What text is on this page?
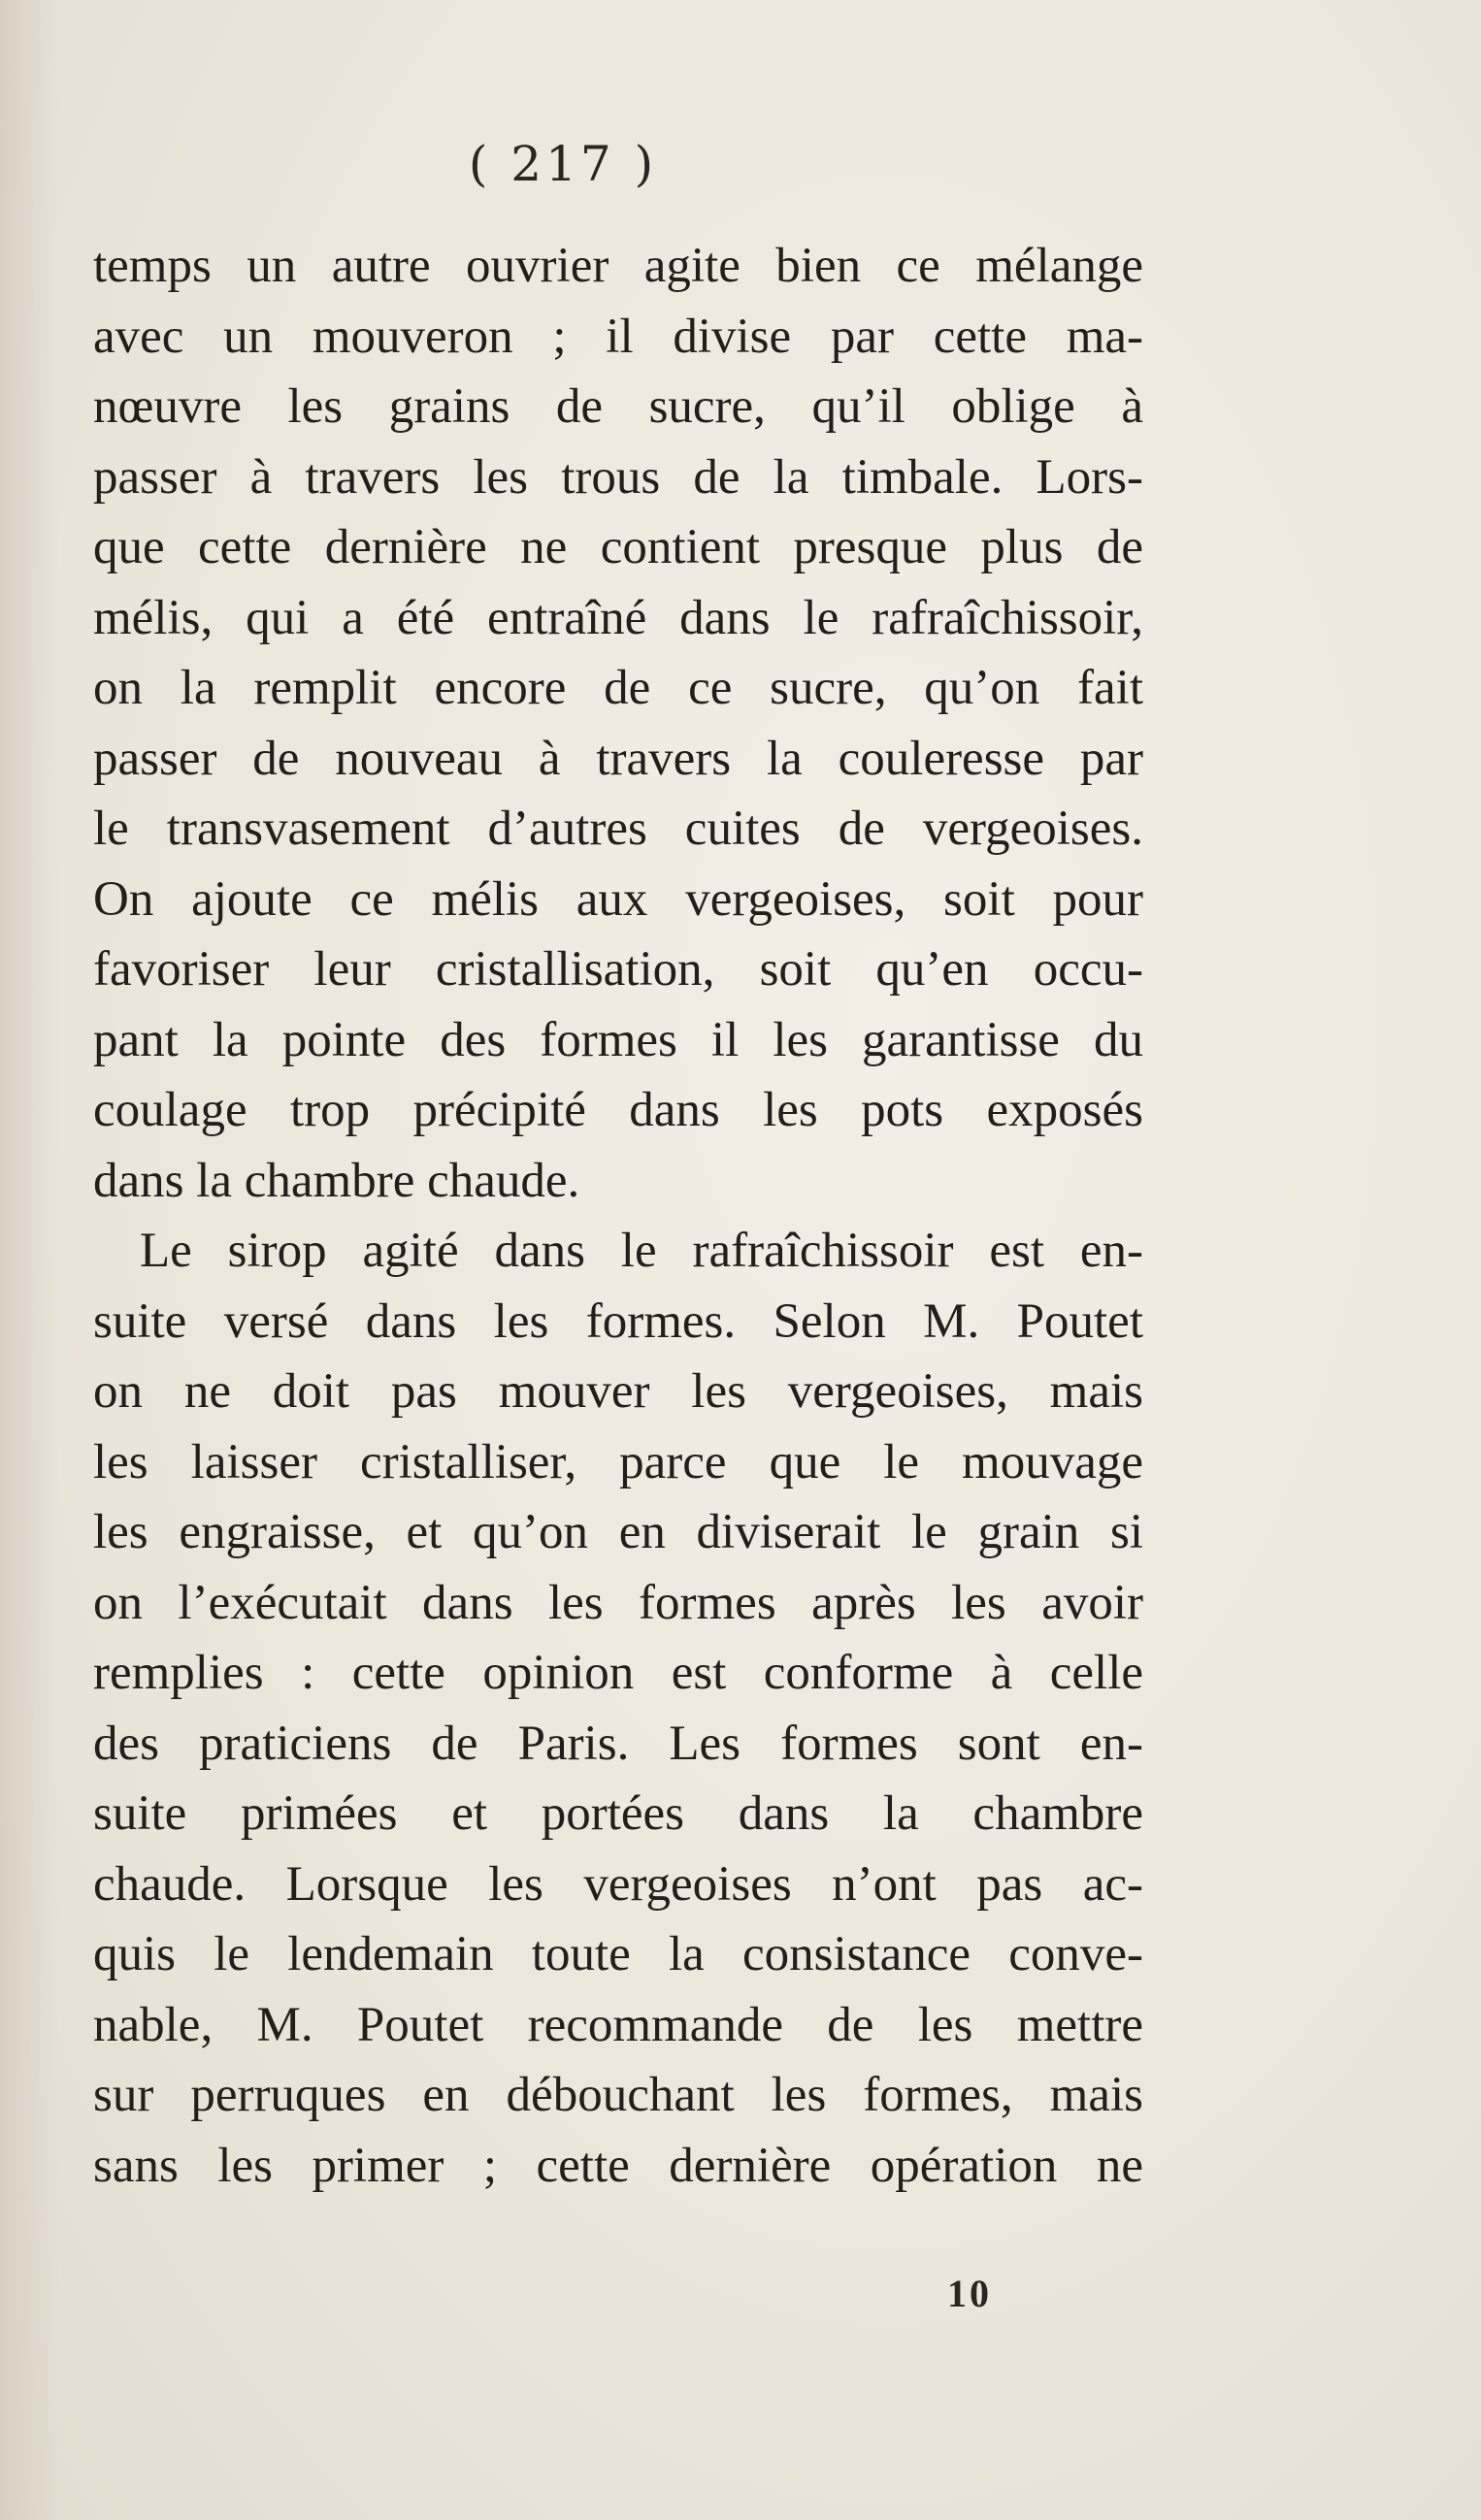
( 217 )
temps un autre ouvrier agite bien ce mélange
avec un mouveron ; il divise par cette ma-
nœuvre les grains de sucre, qu’il oblige à
passer à travers les trous de la timbale. Lors-
que cette dernière ne contient presque plus de
mélis, qui a été entraîné dans le rafraîchissoir,
on la remplit encore de ce sucre, qu’on fait
passer de nouveau à travers la couleresse par
le transvasement d’autres cuites de vergeoises.
On ajoute ce mélis aux vergeoises, soit pour
favoriser leur cristallisation, soit qu’en occu-
pant la pointe des formes il les garantisse du
coulage trop précipité dans les pots exposés
dans la chambre chaude.
Le sirop agité dans le rafraîchissoir est en-
suite versé dans les formes. Selon M. Poutet
on ne doit pas mouver les vergeoises, mais
les laisser cristalliser, parce que le mouvage
les engraisse, et qu’on en diviserait le grain si
on l’exécutait dans les formes après les avoir
remplies : cette opinion est conforme à celle
des praticiens de Paris. Les formes sont en-
suite primées et portées dans la chambre
chaude. Lorsque les vergeoises n’ont pas ac-
quis le lendemain toute la consistance conve-
nable, M. Poutet recommande de les mettre
sur perruques en débouchant les formes, mais
sans les primer ; cette dernière opération ne
10
